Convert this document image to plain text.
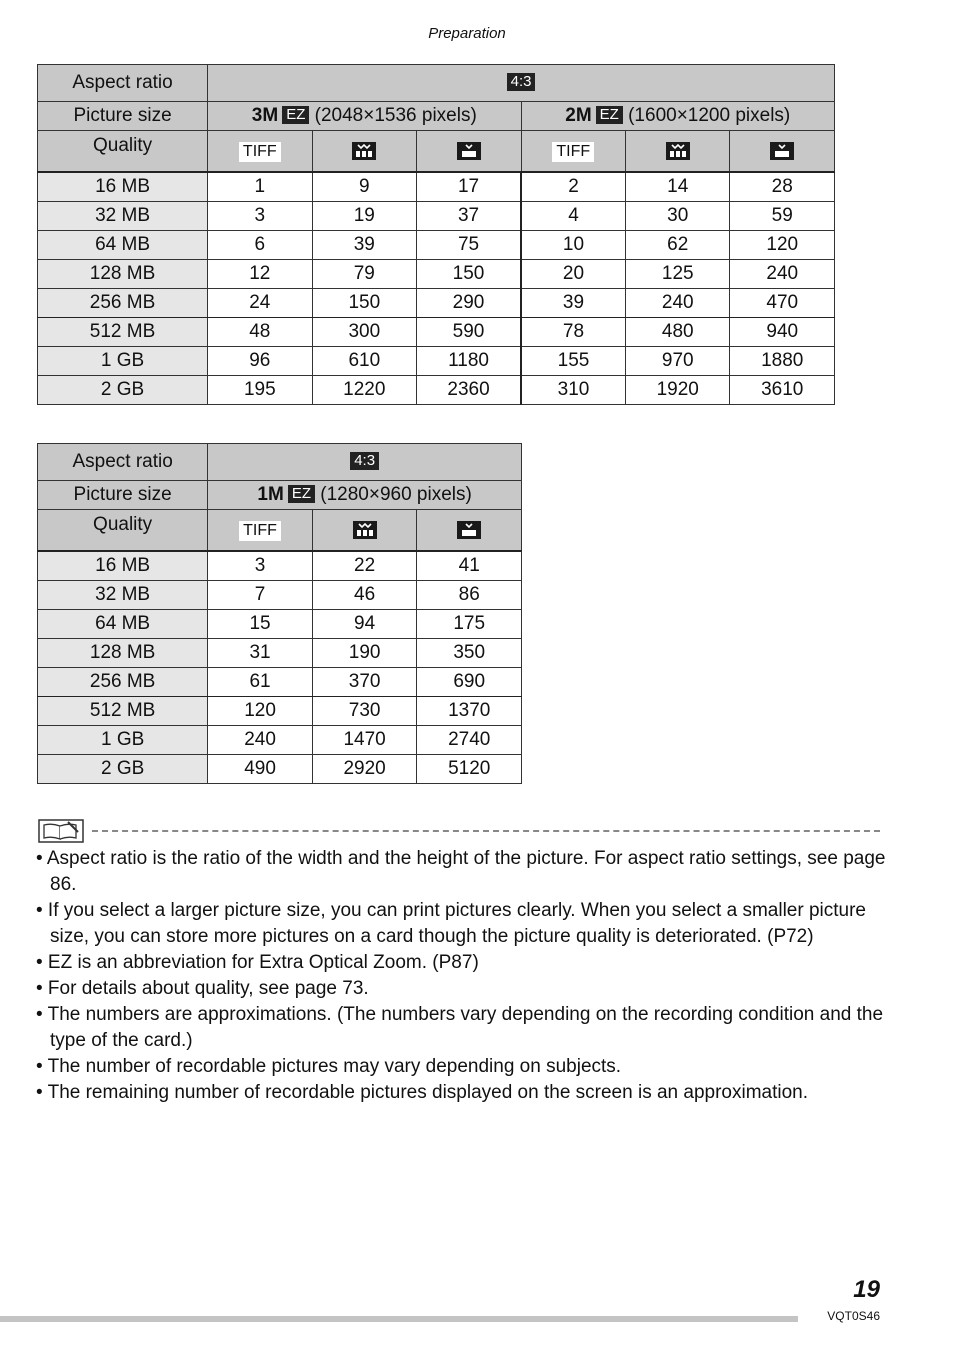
Preparation
Aspect ratio	4:3					
Picture size	3M EZ (2048×1536 pixels)			2M EZ (1600×1200 pixels)		
Quality	TIFF			TIFF		
16 MB	1	9	17	2	14	28
32 MB	3	19	37	4	30	59
64 MB	6	39	75	10	62	120
128 MB	12	79	150	20	125	240
256 MB	24	150	290	39	240	470
512 MB	48	300	590	78	480	940
1 GB	96	610	1180	155	970	1880
2 GB	195	1220	2360	310	1920	3610
Aspect ratio	4:3		
Picture size	1M EZ (1280×960 pixels)		
Quality	TIFF		
16 MB	3	22	41
32 MB	7	46	86
64 MB	15	94	175
128 MB	31	190	350
256 MB	61	370	690
512 MB	120	730	1370
1 GB	240	1470	2740
2 GB	490	2920	5120
• Aspect ratio is the ratio of the width and the height of the picture. For aspect ratio settings, see page 86.
• If you select a larger picture size, you can print pictures clearly. When you select a smaller picture size, you can store more pictures on a card though the picture quality is deteriorated. (P72)
• EZ is an abbreviation for Extra Optical Zoom. (P87)
• For details about quality, see page 73.
• The numbers are approximations. (The numbers vary depending on the recording condition and the type of the card.)
• The number of recordable pictures may vary depending on subjects.
• The remaining number of recordable pictures displayed on the screen is an approximation.
19
VQT0S46
